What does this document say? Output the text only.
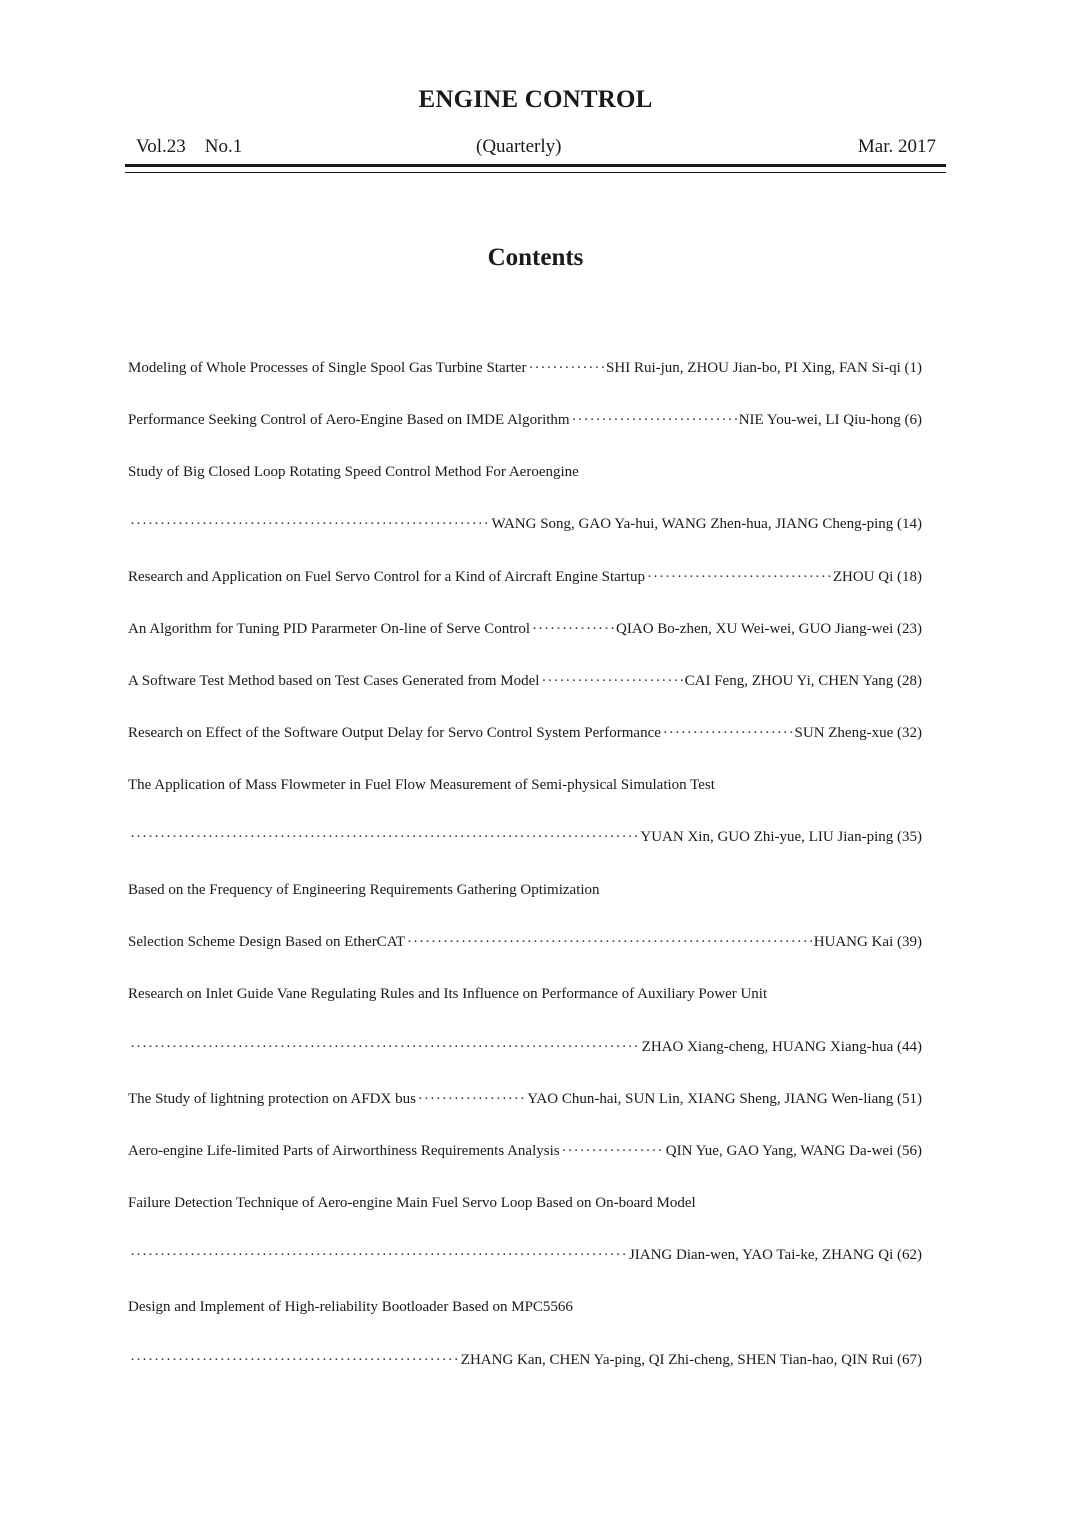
ENGINE CONTROL
Vol.23    No.1	(Quarterly)	Mar. 2017
Contents
Modeling of Whole Processes of Single Spool Gas Turbine Starter ·····	SHI Rui-jun, ZHOU Jian-bo, PI Xing, FAN Si-qi (1)
Performance Seeking Control of Aero-Engine Based on IMDE Algorithm ·····	NIE You-wei, LI Qiu-hong (6)
Study of Big Closed Loop Rotating Speed Control Method For Aeroengine
·····
WANG Song, GAO Ya-hui, WANG Zhen-hua, JIANG Cheng-ping (14)
Research and Application on Fuel Servo Control for a Kind of Aircraft Engine Startup ·····	ZHOU Qi (18)
An Algorithm for Tuning PID Pararmeter On-line of Serve Control ·····	QIAO Bo-zhen, XU Wei-wei, GUO Jiang-wei (23)
A Software Test Method based on Test Cases Generated from Model ·····	CAI Feng, ZHOU Yi, CHEN Yang (28)
Research on Effect of the Software Output Delay for Servo Control System Performance ·····	SUN Zheng-xue (32)
The Application of Mass Flowmeter in Fuel Flow Measurement of Semi-physical Simulation Test
·····
YUAN Xin, GUO Zhi-yue, LIU Jian-ping (35)
Based on the Frequency of Engineering Requirements Gathering Optimization
Selection Scheme Design Based on EtherCAT ·····	HUANG Kai (39)
Research on Inlet Guide Vane Regulating Rules and Its Influence on Performance of Auxiliary Power Unit
·····
ZHAO Xiang-cheng, HUANG Xiang-hua (44)
The Study of lightning protection on AFDX bus ·····	YAO Chun-hai, SUN Lin, XIANG Sheng, JIANG Wen-liang (51)
Aero-engine Life-limited Parts of Airworthiness Requirements Analysis ·····	QIN Yue, GAO Yang, WANG Da-wei (56)
Failure Detection Technique of Aero-engine Main Fuel Servo Loop Based on On-board Model
·····
JIANG Dian-wen, YAO Tai-ke, ZHANG Qi (62)
Design and Implement of High-reliability Bootloader Based on MPC5566
·····
ZHANG Kan, CHEN Ya-ping, QI Zhi-cheng, SHEN Tian-hao, QIN Rui (67)
